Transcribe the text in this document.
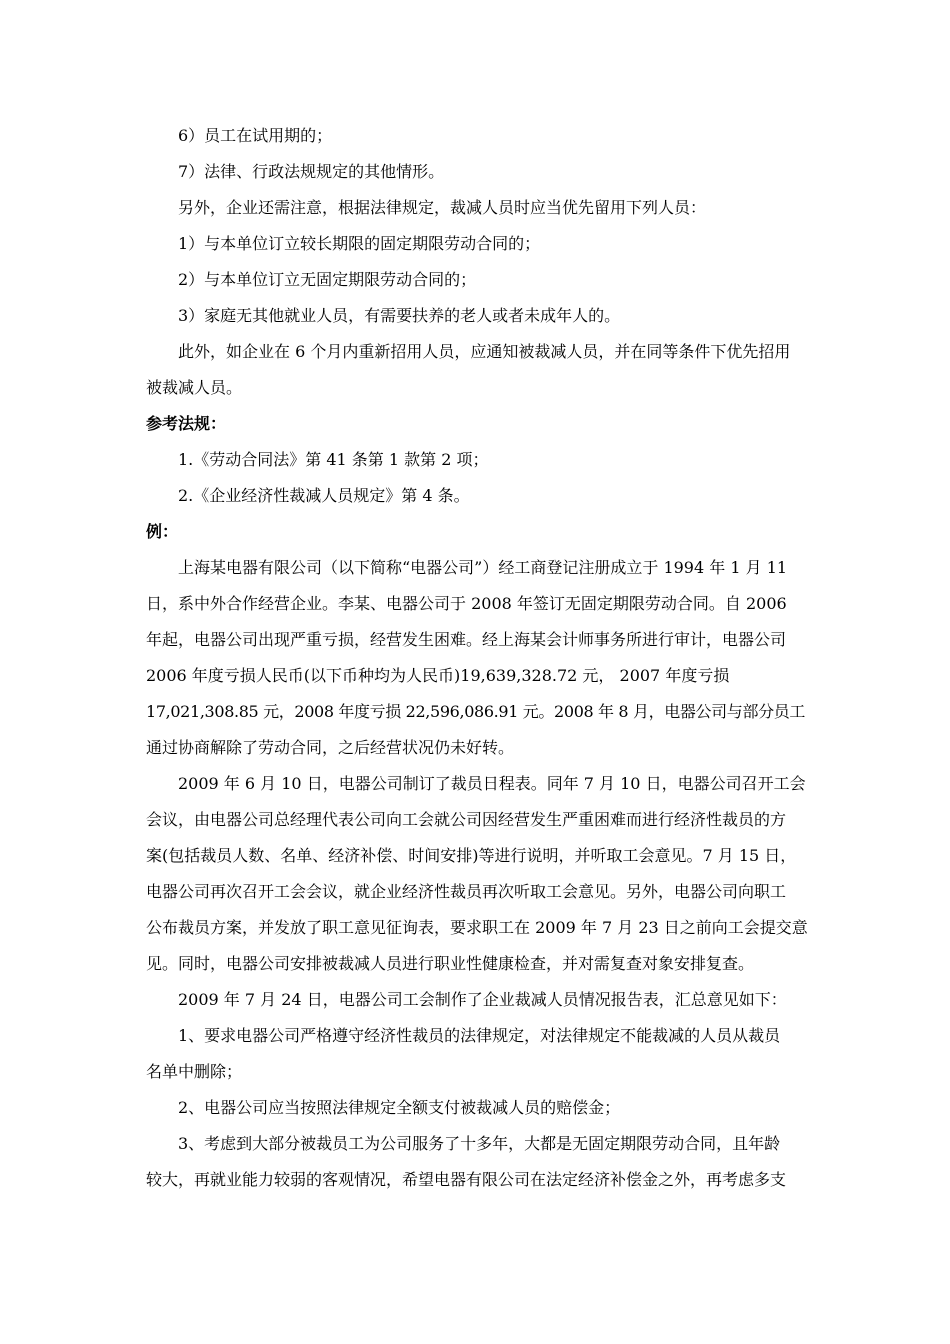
6）员工在试用期的；
7）法律、行政法规规定的其他情形。
另外，企业还需注意，根据法律规定，裁减人员时应当优先留用下列人员：
1）与本单位订立较长期限的固定期限劳动合同的；
2）与本单位订立无固定期限劳动合同的；
3）家庭无其他就业人员，有需要扶养的老人或者未成年人的。
此外，如企业在 6 个月内重新招用人员，应通知被裁减人员，并在同等条件下优先招用
被裁减人员。
参考法规：
1.《劳动合同法》第 41 条第 1 款第 2 项；
2.《企业经济性裁减人员规定》第 4 条。
例：
上海某电器有限公司（以下简称“电器公司”）经工商登记注册成立于 1994 年 1 月 11
日，系中外合作经营企业。李某、电器公司于 2008 年签订无固定期限劳动合同。自 2006
年起，电器公司出现严重亏损，经营发生困难。经上海某会计师事务所进行审计，电器公司
2006 年度亏损人民币(以下币种均为人民币)19,639,328.72 元， 2007 年度亏损
17,021,308.85 元，2008 年度亏损 22,596,086.91 元。2008 年 8 月，电器公司与部分员工
通过协商解除了劳动合同，之后经营状况仍未好转。
2009 年 6 月 10 日，电器公司制订了裁员日程表。同年 7 月 10 日，电器公司召开工会
会议，由电器公司总经理代表公司向工会就公司因经营发生严重困难而进行经济性裁员的方
案(包括裁员人数、名单、经济补偿、时间安排)等进行说明，并听取工会意见。7 月 15 日，
电器公司再次召开工会会议，就企业经济性裁员再次听取工会意见。另外，电器公司向职工
公布裁员方案，并发放了职工意见征询表，要求职工在 2009 年 7 月 23 日之前向工会提交意
见。同时，电器公司安排被裁减人员进行职业性健康检查，并对需复查对象安排复查。
2009 年 7 月 24 日，电器公司工会制作了企业裁减人员情况报告表，汇总意见如下：
1、要求电器公司严格遵守经济性裁员的法律规定，对法律规定不能裁减的人员从裁员
名单中删除；
2、电器公司应当按照法律规定全额支付被裁减人员的赔偿金；
3、考虑到大部分被裁员工为公司服务了十多年，大都是无固定期限劳动合同，且年龄
较大，再就业能力较弱的客观情况，希望电器有限公司在法定经济补偿金之外，再考虑多支
